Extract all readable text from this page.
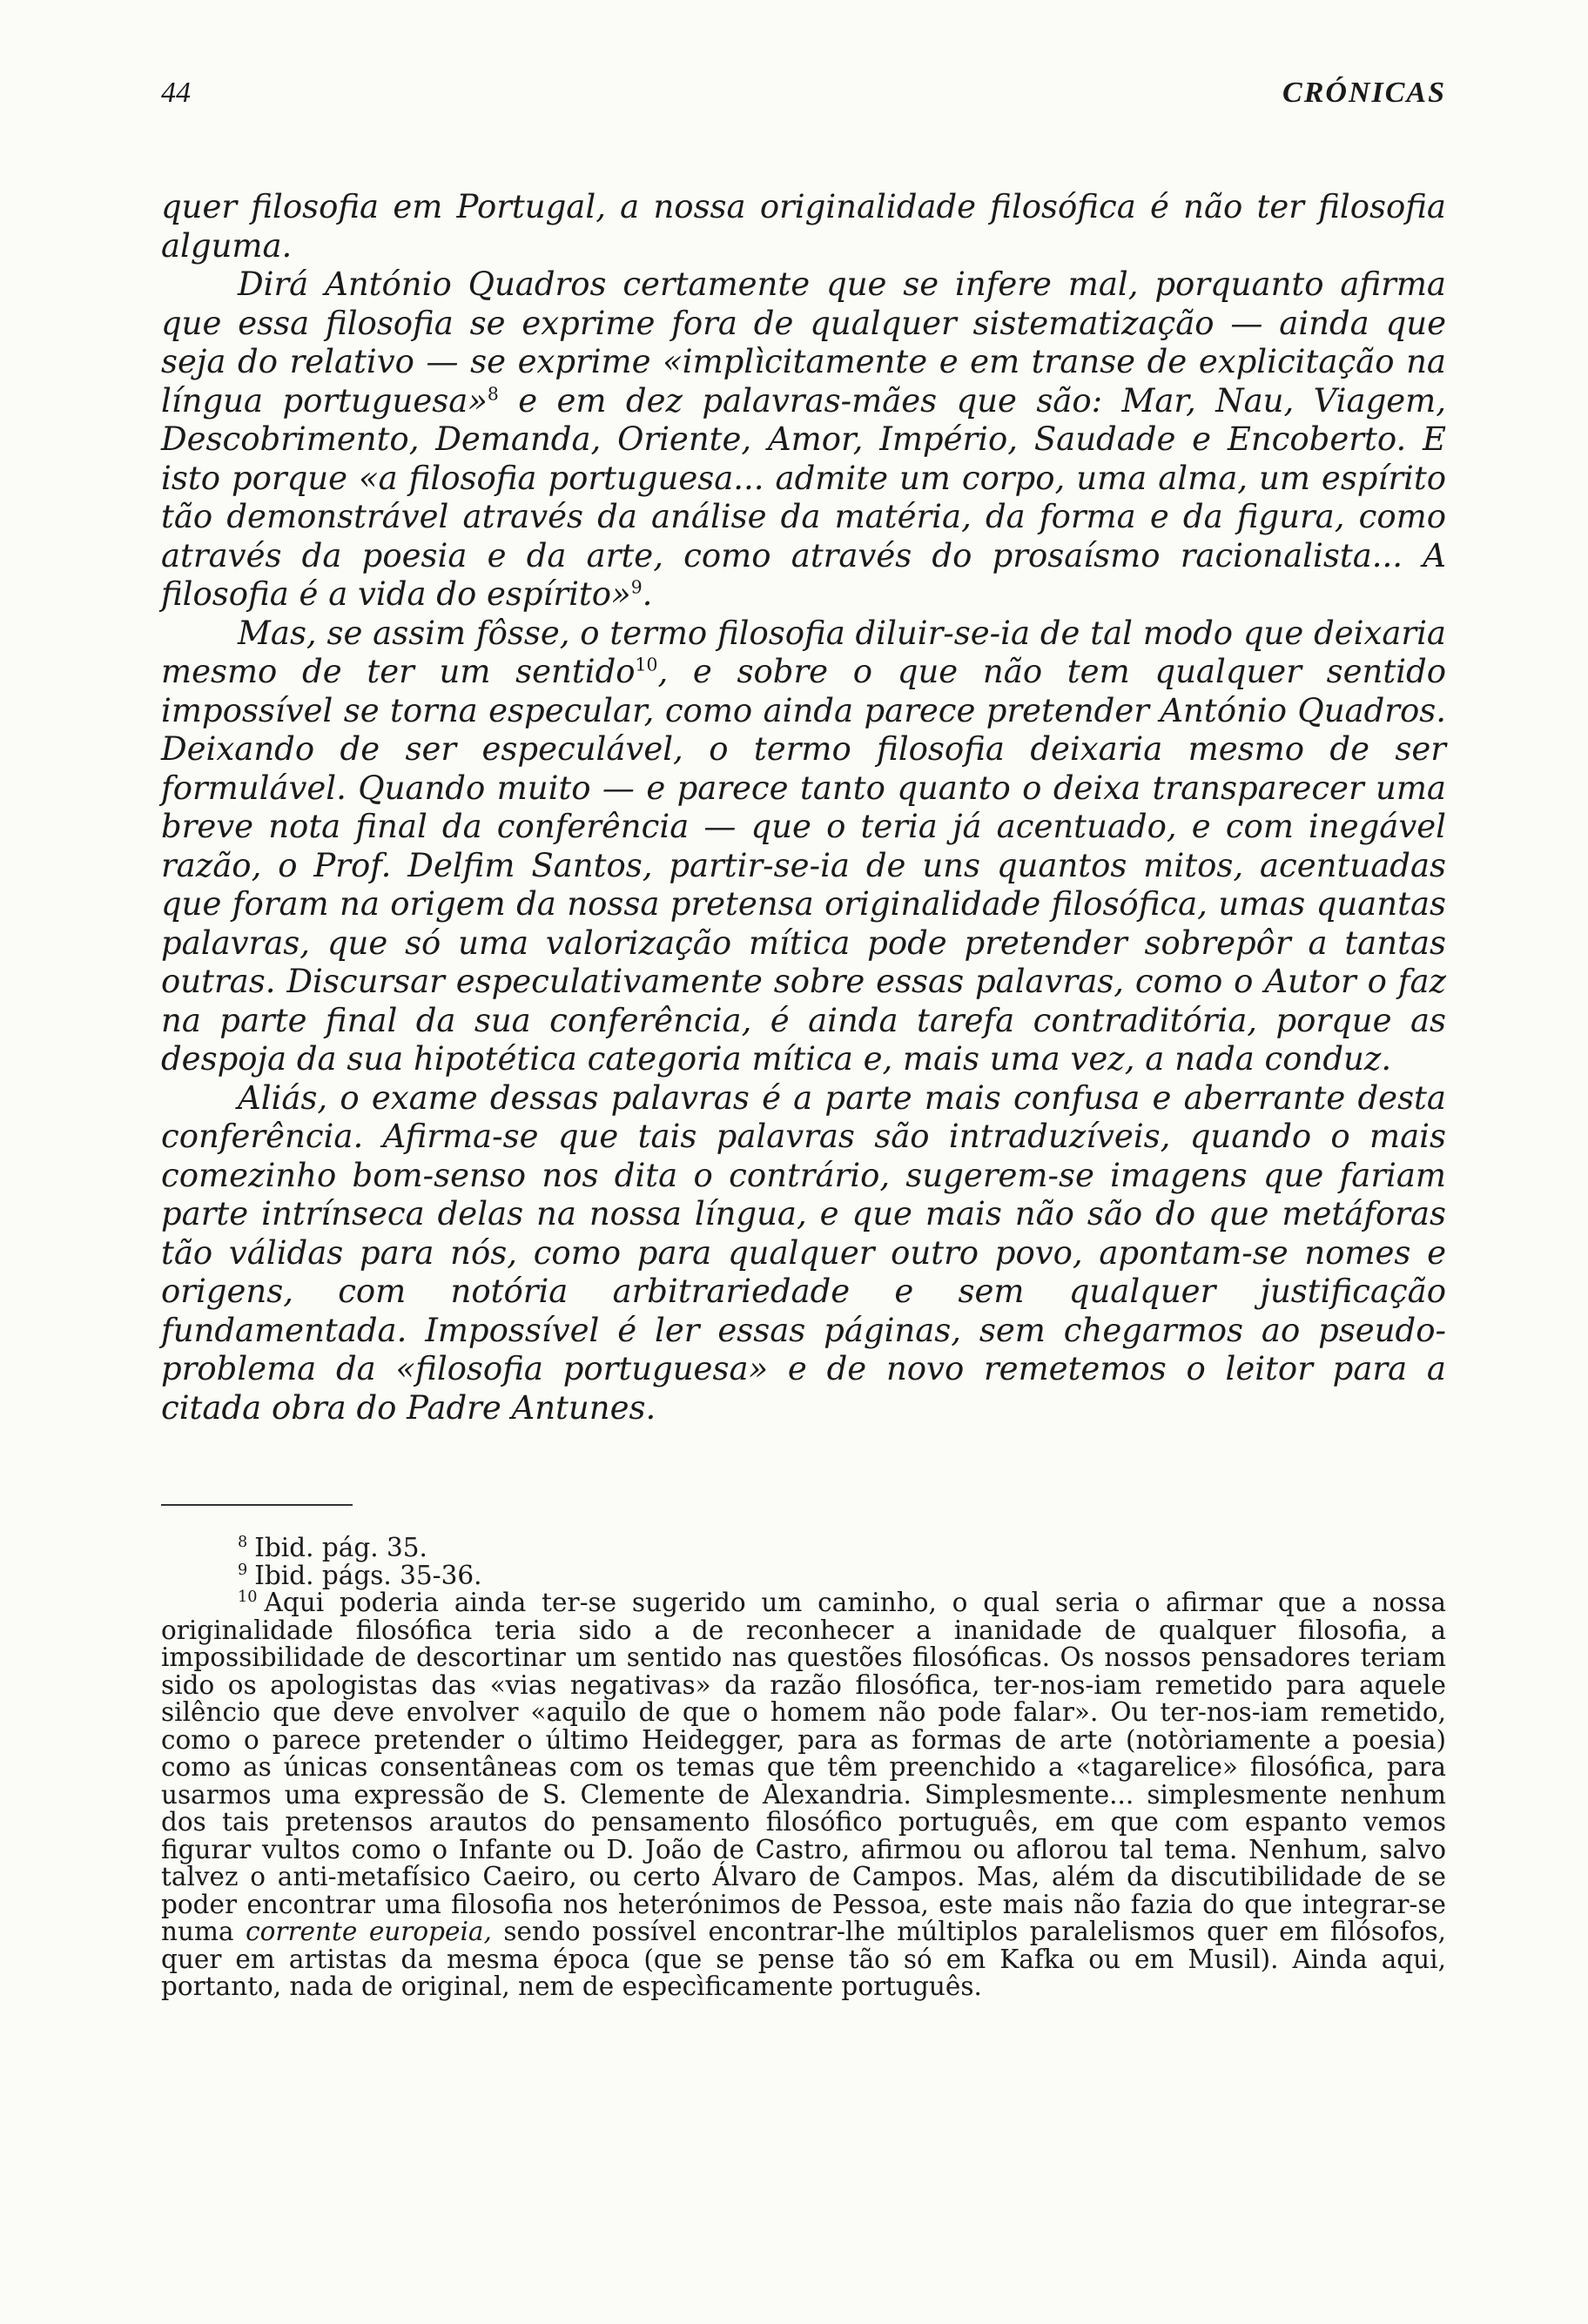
44	CRÓNICAS

quer filosofia em Portugal, a nossa originalidade filosófica é não ter filosofia alguma.

Dirá António Quadros certamente que se infere mal, porquanto afirma que essa filosofia se exprime fora de qualquer sistematização — ainda que seja do relativo — se exprime «implìcitamente e em transe de explicitação na língua portuguesa»$^8$ e em dez palavras-mães que são: Mar, Nau, Viagem, Descobrimento, Demanda, Oriente, Amor, Império, Saudade e Encoberto. E isto porque «a filosofia portuguesa... admite um corpo, uma alma, um espírito tão demonstrável através da análise da matéria, da forma e da figura, como através da poesia e da arte, como através do prosaísmo racionalista... A filosofia é a vida do espírito»$^9$.

Mas, se assim fôsse, o termo filosofia diluir-se-ia de tal modo que deixaria mesmo de ter um sentido$^{10}$, e sobre o que não tem qualquer sentido impossível se torna especular, como ainda parece pretender António Quadros. Deixando de ser especulável, o termo filosofia deixaria mesmo de ser formulável. Quando muito — e parece tanto quanto o deixa transparecer uma breve nota final da conferência — que o teria já acentuado, e com inegável razão, o Prof. Delfim Santos, partir-se-ia de uns quantos mitos, acentuadas que foram na origem da nossa pretensa originalidade filosófica, umas quantas palavras, que só uma valorização mítica pode pretender sobrepôr a tantas outras. Discursar especulativamente sobre essas palavras, como o Autor o faz na parte final da sua conferência, é ainda tarefa contraditória, porque as despoja da sua hipotética categoria mítica e, mais uma vez, a nada conduz.

Aliás, o exame dessas palavras é a parte mais confusa e aberrante desta conferência. Afirma-se que tais palavras são intraduzíveis, quando o mais comezinho bom-senso nos dita o contrário, sugerem-se imagens que fariam parte intrínseca delas na nossa língua, e que mais não são do que metáforas tão válidas para nós, como para qualquer outro povo, apontam-se nomes e origens, com notória arbitrariedade e sem qualquer justificação fundamentada. Impossível é ler essas páginas, sem chegarmos ao pseudo-problema da «filosofia portuguesa» e de novo remetemos o leitor para a citada obra do Padre Antunes.

$^8$ Ibid. pág. 35.

$^9$ Ibid. págs. 35-36.

$^{10}$ Aqui poderia ainda ter-se sugerido um caminho, o qual seria o afirmar que a nossa originalidade filosófica teria sido a de reconhecer a inanidade de qualquer filosofia, a impossibilidade de descortinar um sentido nas questões filosóficas. Os nossos pensadores teriam sido os apologistas das «vias negativas» da razão filosófica, ter-nos-iam remetido para aquele silêncio que deve envolver «aquilo de que o homem não pode falar». Ou ter-nos-iam remetido, como o parece pretender o último Heidegger, para as formas de arte (notòriamente a poesia) como as únicas consentâneas com os temas que têm preenchido a «tagarelice» filosófica, para usarmos uma expressão de S. Clemente de Alexandria. Simplesmente... simplesmente nenhum dos tais pretensos arautos do pensamento filosófico português, em que com espanto vemos figurar vultos como o Infante ou D. João de Castro, afirmou ou aflorou tal tema. Nenhum, salvo talvez o anti-metafísico Caeiro, ou certo Álvaro de Campos. Mas, além da discutibilidade de se poder encontrar uma filosofia nos heterónimos de Pessoa, este mais não fazia do que integrar-se numa corrente europeia, sendo possível encontrar-lhe múltiplos paralelismos quer em filósofos, quer em artistas da mesma época (que se pense tão só em Kafka ou em Musil). Ainda aqui, portanto, nada de original, nem de especìficamente português.
